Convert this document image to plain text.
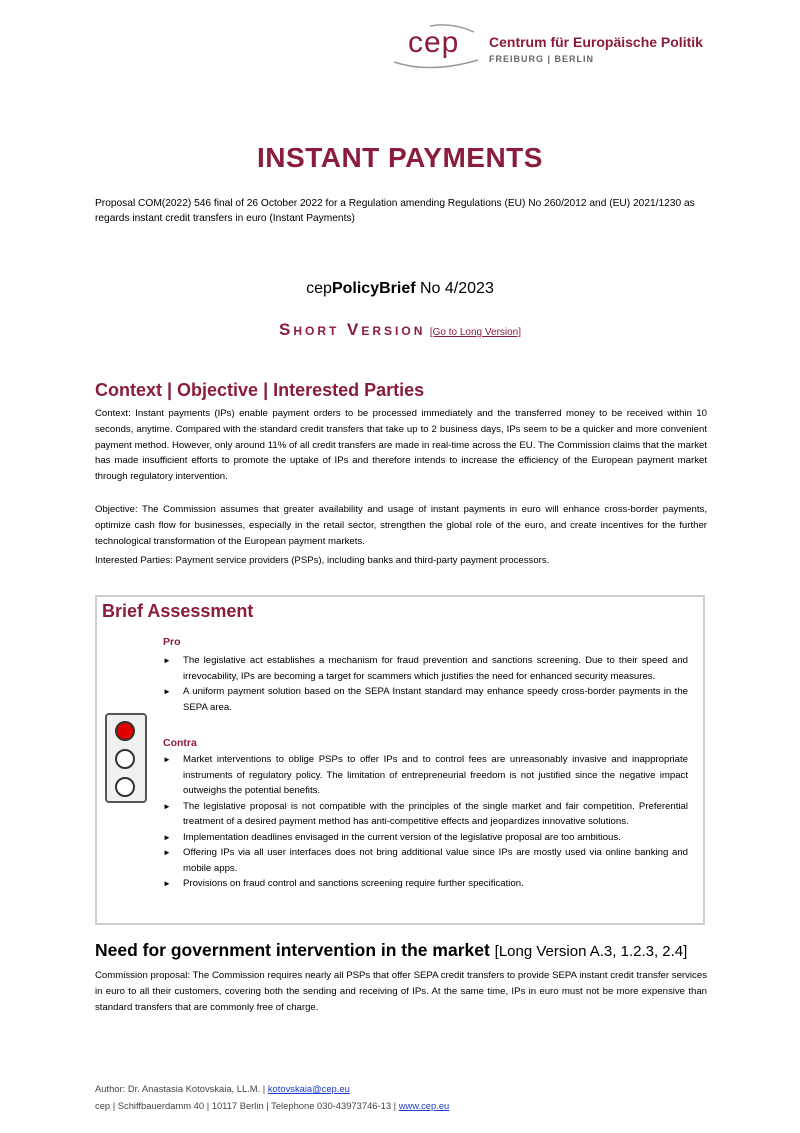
cep Centrum für Europäische Politik
FREIBURG | BERLIN
INSTANT PAYMENTS
Proposal COM(2022) 546 final of 26 October 2022 for a Regulation amending Regulations (EU) No 260/2012 and (EU) 2021/1230 as regards instant credit transfers in euro (Instant Payments)
cepPolicyBrief No 4/2023
Short Version [Go to Long Version]
Context | Objective | Interested Parties
Context: Instant payments (IPs) enable payment orders to be processed immediately and the transferred money to be received within 10 seconds, anytime. Compared with the standard credit transfers that take up to 2 business days, IPs seem to be a quicker and more convenient payment method. However, only around 11% of all credit transfers are made in real-time across the EU. The Commission claims that the market has made insufficient efforts to promote the uptake of IPs and therefore intends to increase the efficiency of the European payment market through regulatory intervention.
Objective: The Commission assumes that greater availability and usage of instant payments in euro will enhance cross-border payments, optimize cash flow for businesses, especially in the retail sector, strengthen the global role of the euro, and create incentives for the further technological transformation of the European payment markets.
Interested Parties: Payment service providers (PSPs), including banks and third-party payment processors.
Brief Assessment
Pro
► The legislative act establishes a mechanism for fraud prevention and sanctions screening. Due to their speed and irrevocability, IPs are becoming a target for scammers which justifies the need for enhanced security measures.
► A uniform payment solution based on the SEPA Instant standard may enhance speedy cross-border payments in the SEPA area.
Contra
► Market interventions to oblige PSPs to offer IPs and to control fees are unreasonably invasive and inappropriate instruments of regulatory policy. The limitation of entrepreneurial freedom is not justified since the negative impact outweighs the potential benefits.
► The legislative proposal is not compatible with the principles of the single market and fair competition. Preferential treatment of a desired payment method has anti-competitive effects and jeopardizes innovative solutions.
► Implementation deadlines envisaged in the current version of the legislative proposal are too ambitious.
► Offering IPs via all user interfaces does not bring additional value since IPs are mostly used via online banking and mobile apps.
► Provisions on fraud control and sanctions screening require further specification.
Need for government intervention in the market [Long Version A.3, 1.2.3, 2.4]
Commission proposal: The Commission requires nearly all PSPs that offer SEPA credit transfers to provide SEPA instant credit transfer services in euro to all their customers, covering both the sending and receiving of IPs. At the same time, IPs in euro must not be more expensive than standard transfers that are commonly free of charge.
Author: Dr. Anastasia Kotovskaia, LL.M. | kotovskaia@cep.eu
cep | Schiffbauerdamm 40 | 10117 Berlin | Telephone 030-43973746-13 | www.cep.eu
